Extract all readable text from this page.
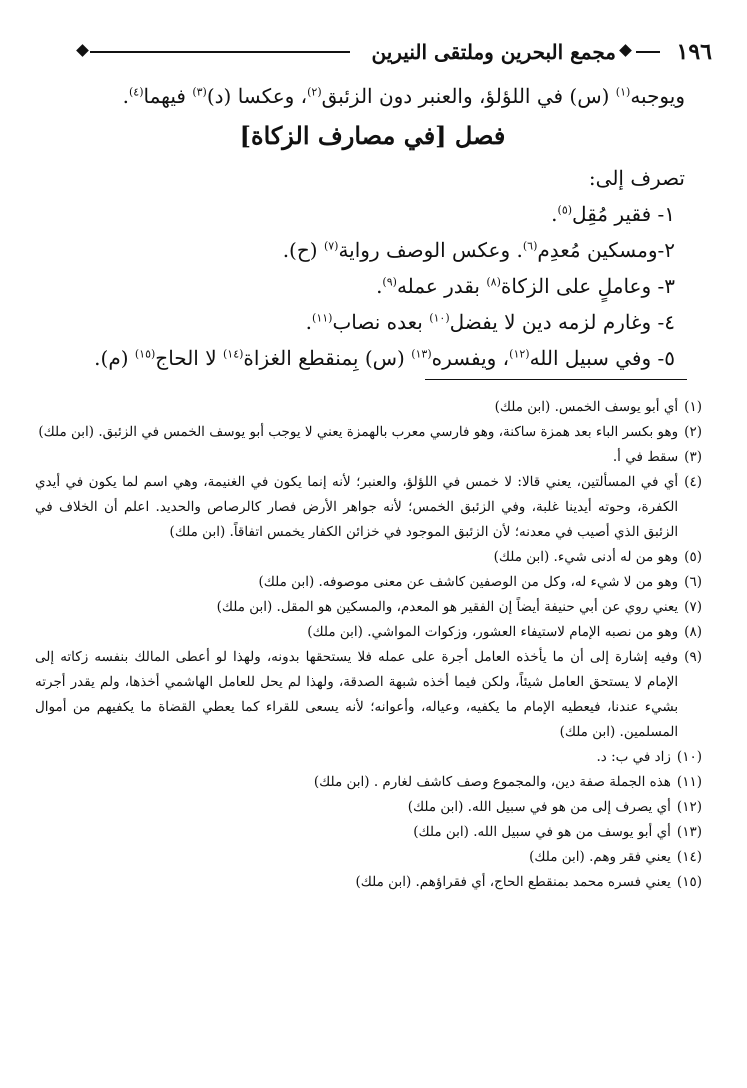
١٩٦
مجمع البحرين وملتقى النيرين
ويوجبه$^{(١)}$ (س) في اللؤلؤ، والعنبر دون الزئبق$^{(٢)}$، وعكسا (د)$^{(٣)}$ فيهما$^{(٤)}$.
فصل [في مصارف الزكاة]
تصرف إلى:
١- فقير مُقِل$^{(٥)}$.
٢-ومسكين مُعدِم$^{(٦)}$. وعكس الوصف رواية$^{(٧)}$ (ح).
٣- وعاملٍ على الزكاة$^{(٨)}$ بقدر عمله$^{(٩)}$.
٤- وغارم لزمه دين لا يفضل$^{(١٠)}$ بعده نصاب$^{(١١)}$.
٥- وفي سبيل الله$^{(١٢)}$، ويفسره$^{(١٣)}$ (س) بِمنقطع الغزاة$^{(١٤)}$ لا الحاج$^{(١٥)}$ (م).
(١)
أي أبو يوسف الخمس. (ابن ملك)
(٢)
وهو بكسر الباء بعد همزة ساكنة، وهو فارسي معرب بالهمزة يعني لا يوجب أبو يوسف الخمس في الزئبق. (ابن ملك)
(٣)
سقط في أ.
(٤)
أي في المسألتين، يعني قالا: لا خمس في اللؤلؤ، والعنبر؛ لأنه إنما يكون في الغنيمة، وهي اسم لما يكون في أيدي الكفرة، وحوته أيدينا غلبة، وفي الزئبق الخمس؛ لأنه جواهر الأرض فصار كالرصاص والحديد. اعلم أن الخلاف في الزئبق الذي أصيب في معدنه؛ لأن الزئبق الموجود في خزائن الكفار يخمس اتفاقاً. (ابن ملك)
(٥)
وهو من له أدنى شيء. (ابن ملك)
(٦)
وهو من لا شيء له، وكل من الوصفين كاشف عن معنى موصوفه. (ابن ملك)
(٧)
يعني روي عن أبي حنيفة أيضاً إن الفقير هو المعدم، والمسكين هو المقل. (ابن ملك)
(٨)
وهو من نصبه الإمام لاستيفاء العشور، وزكوات المواشي. (ابن ملك)
(٩)
وفيه إشارة إلى أن ما يأخذه العامل أجرة على عمله فلا يستحقها بدونه، ولهذا لو أعطى المالك بنفسه زكاته إلى الإمام لا يستحق العامل شيئاً، ولكن فيما أخذه شبهة الصدقة، ولهذا لم يحل للعامل الهاشمي أخذها، ولم يقدر أجرته بشيء عندنا، فيعطيه الإمام ما يكفيه، وعياله، وأعوانه؛ لأنه يسعى للقراء كما يعطي القضاة ما يكفيهم من أموال المسلمين. (ابن ملك)
(١٠)
زاد في ب: د.
(١١)
هذه الجملة صفة دين، والمجموع وصف كاشف لغارم . (ابن ملك)
(١٢)
أي يصرف إلى من هو في سبيل الله. (ابن ملك)
(١٣)
أي أبو يوسف من هو في سبيل الله. (ابن ملك)
(١٤)
يعني فقر وهم. (ابن ملك)
(١٥)
يعني فسره محمد بمنقطع الحاج، أي فقراؤهم. (ابن ملك)
